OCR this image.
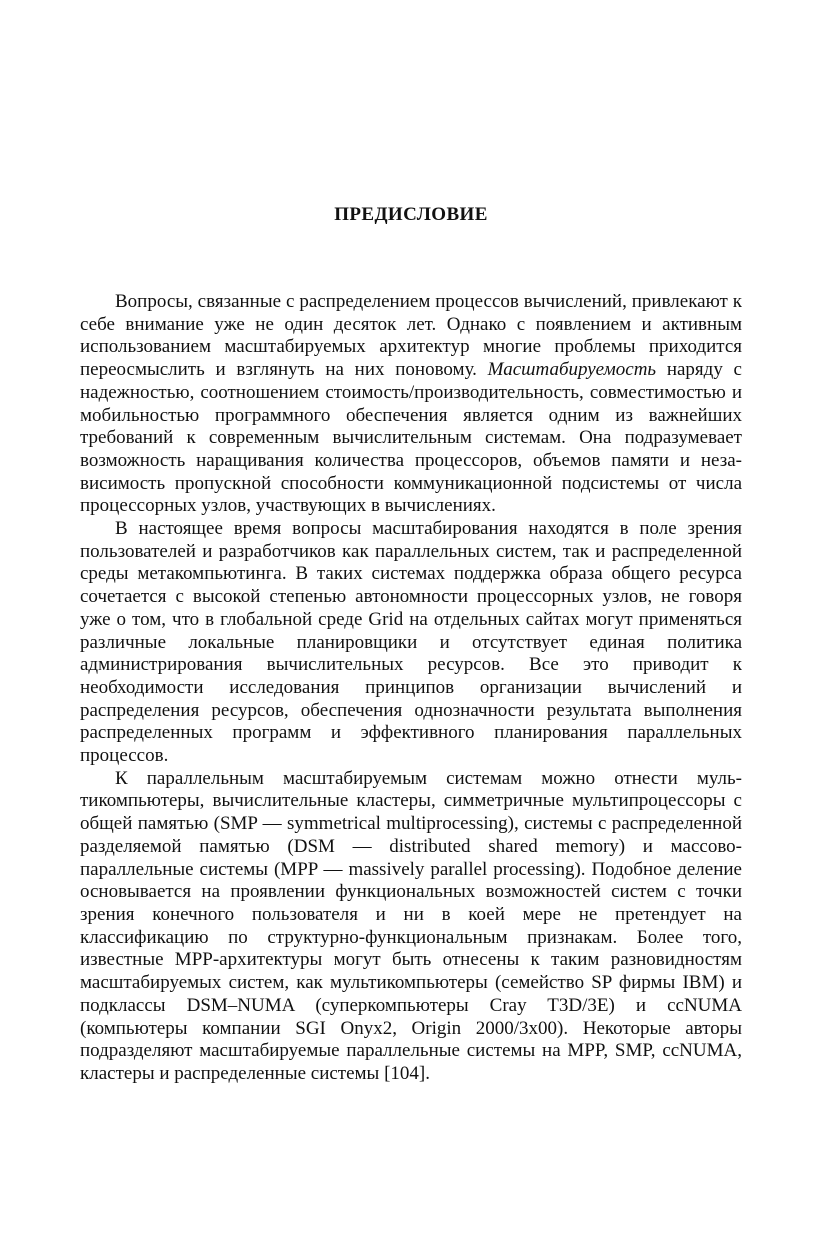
ПРЕДИСЛОВИЕ

Вопросы, связанные с распределением процессов вычислений, привлекают к себе внимание уже не один десяток лет. Однако с появлением и активным использованием масштабируемых архитектур многие проблемы приходится переосмыслить и взглянуть на них поновому. Масштабируемость наряду с надежностью, соотношением стоимость/производительность, совместимостью и мобильностью программного обеспечения является одним из важнейших требований к современным вычислительным системам. Она подразумевает возможность наращивания количества процессоров, объемов памяти и независимость пропускной способности коммуникационной подсистемы от числа процессорных узлов, участвующих в вычислениях.

В настоящее время вопросы масштабирования находятся в поле зрения пользователей и разработчиков как параллельных систем, так и распределенной среды метакомпьютинга. В таких системах поддержка образа общего ресурса сочетается с высокой степенью автономности процессорных узлов, не говоря уже о том, что в глобальной среде Grid на отдельных сайтах могут применяться различные локальные планировщики и отсутствует единая политика администрирования вычислительных ресурсов. Все это приводит к необходимости исследования принципов организации вычислений и распределения ресурсов, обеспечения однозначности результата выполнения распределенных программ и эффективного планирования параллельных процессов.

К параллельным масштабируемым системам можно отнести мультикомпьютеры, вычислительные кластеры, симметричные мультипроцессоры с общей памятью (SMP — symmetrical multiprocessing), системы с распределенной разделяемой памятью (DSM — distributed shared memory) и массово-параллельные системы (MPP — massively parallel processing). Подобное деление основывается на проявлении функциональных возможностей систем с точки зрения конечного пользователя и ни в коей мере не претендует на классификацию по структурно-функциональным признакам. Более того, известные MPP-архитектуры могут быть отнесены к таким разновидностям масштабируемых систем, как мультикомпьютеры (семейство SP фирмы IBM) и подклассы DSM–NUMA (суперкомпьютеры Cray T3D/3E) и ccNUMA (компьютеры компании SGI Onyx2, Origin 2000/3x00). Некоторые авторы подразделяют масштабируемые параллельные системы на MPP, SMP, ccNUMA, кластеры и распределенные системы [104].
